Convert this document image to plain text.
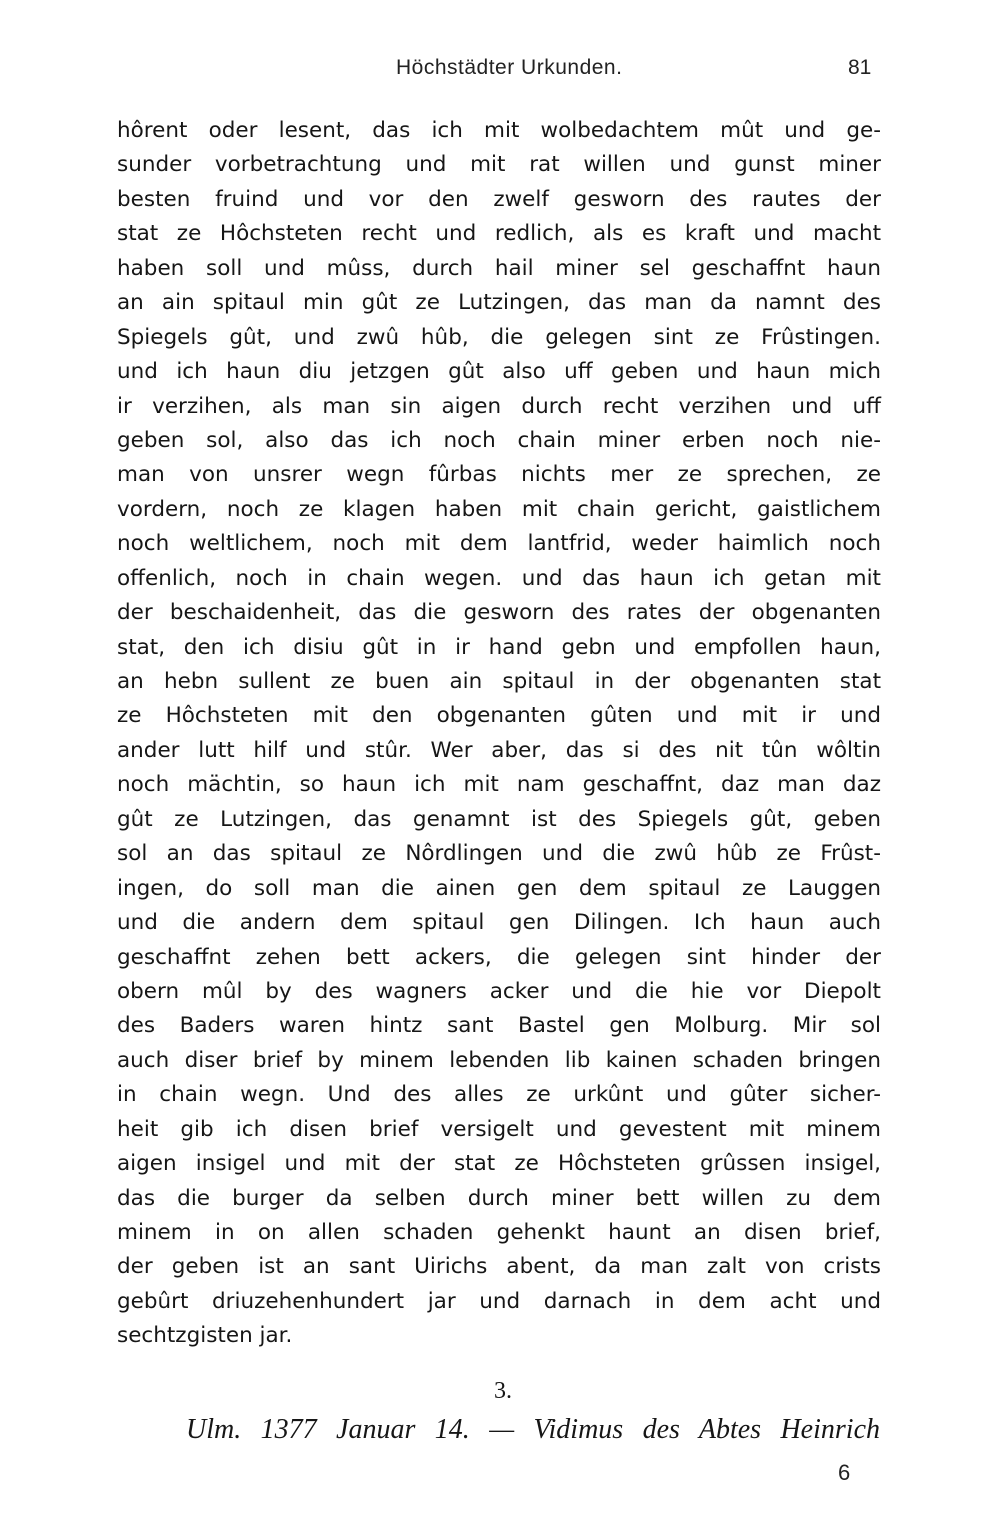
Höchstädter Urkunden.	81
hôrent oder lesent, das ich mit wolbedachtem mût und ge-
sunder vorbetrachtung und mit rat willen und gunst miner
besten fruind und vor den zwelf gesworn des rautes der
stat ze Hôchsteten recht und redlich, als es kraft und macht
haben soll und mûss, durch hail miner sel geschaffnt haun
an ain spitaul min gût ze Lutzingen, das man da namnt des
Spiegels gût, und zwû hûb, die gelegen sint ze Frûstingen.
und ich haun diu jetzgen gût also uff geben und haun mich
ir verzihen, als man sin aigen durch recht verzihen und uff
geben sol, also das ich noch chain miner erben noch nie-
man von unsrer wegn fûrbas nichts mer ze sprechen, ze
vordern, noch ze klagen haben mit chain gericht, gaistlichem
noch weltlichem, noch mit dem lantfrid, weder haimlich noch
offenlich, noch in chain wegen. und das haun ich getan mit
der beschaidenheit, das die gesworn des rates der obgenanten
stat, den ich disiu gût in ir hand gebn und empfollen haun,
an hebn sullent ze buen ain spitaul in der obgenanten stat
ze Hôchsteten mit den obgenanten gûten und mit ir und
ander lutt hilf und stûr. Wer aber, das si des nit tûn wôltin
noch mächtin, so haun ich mit nam geschaffnt, daz man daz
gût ze Lutzingen, das genamnt ist des Spiegels gût, geben
sol an das spitaul ze Nôrdlingen und die zwû hûb ze Frûst-
ingen, do soll man die ainen gen dem spitaul ze Lauggen
und die andern dem spitaul gen Dilingen. Ich haun auch
geschaffnt zehen bett ackers, die gelegen sint hinder der
obern mûl by des wagners acker und die hie vor Diepolt
des Baders waren hintz sant Bastel gen Molburg. Mir sol
auch diser brief by minem lebenden lib kainen schaden bringen
in chain wegn. Und des alles ze urkûnt und gûter sicher-
heit gib ich disen brief versigelt und gevestent mit minem
aigen insigel und mit der stat ze Hôchsteten grûssen insigel,
das die burger da selben durch miner bett willen zu dem
minem in on allen schaden gehenkt haunt an disen brief,
der geben ist an sant Uirichs abent, da man zalt von crists
gebûrt driuzehenhundert jar und darnach in dem acht und
sechtzgisten jar.
3.
Ulm. 1377 Januar 14. — Vidimus des Abtes Heinrich
6
